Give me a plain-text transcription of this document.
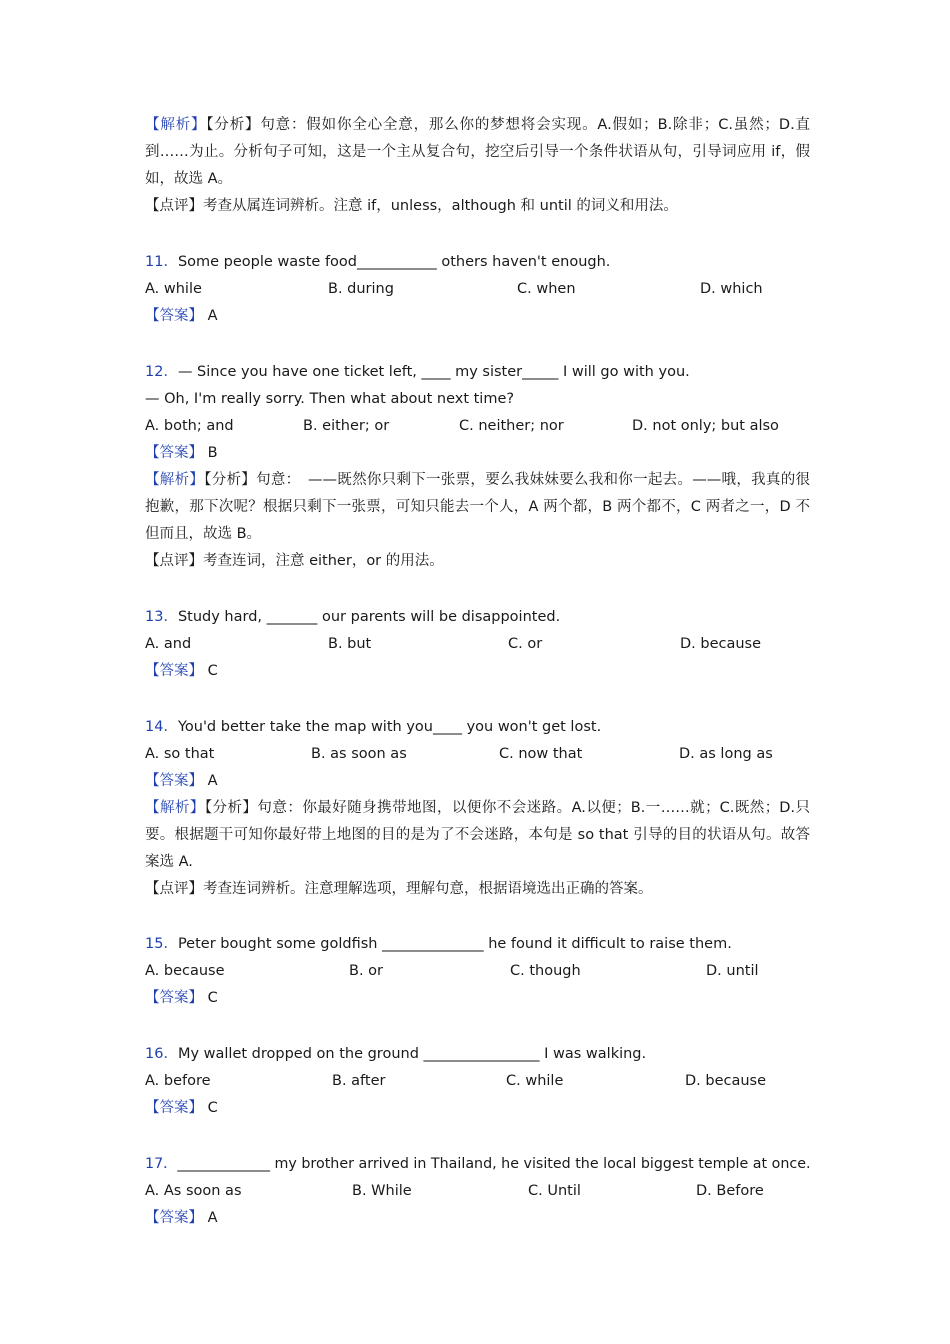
【解析】【分析】句意：假如你全心全意，那么你的梦想将会实现。A.假如；B.除非；C.虽然；D.直到……为止。分析句子可知，这是一个主从复合句，挖空后引导一个条件状语从句，引导词应用 if，假如，故选 A。

【点评】考查从属连词辨析。注意 if，unless，although 和 until 的词义和用法。
11．Some people waste food___________ others haven't enough.
A. while	B. during	C. when	D. which
【答案】 A
12．— Since you have one ticket left, ____ my sister_____ I will go with you.
— Oh, I'm really sorry. Then what about next time?
A. both; and	B. either; or	C. neither; nor	D. not only; but also
【答案】 B

【解析】【分析】句意：　——既然你只剩下一张票，要么我妹妹要么我和你一起去。——哦，我真的很抱歉，那下次呢？根据只剩下一张票，可知只能去一个人，A 两个都，B 两个都不，C 两者之一，D 不但而且，故选 B。

【点评】考查连词，注意 either，or 的用法。
13．Study hard, _______ our parents will be disappointed.
A. and	B. but	C. or	D. because
【答案】 C
14．You'd better take the map with you____ you won't get lost.
A. so that	B. as soon as	C. now that	D. as long as
【答案】 A

【解析】【分析】句意：你最好随身携带地图，以便你不会迷路。A.以便；B.一……就；C.既然；D.只要。根据题干可知你最好带上地图的目的是为了不会迷路，本句是 so that 引导的目的状语从句。故答案选 A.

【点评】考查连词辨析。注意理解选项，理解句意，根据语境选出正确的答案。
15．Peter bought some goldfish ______________ he found it difficult to raise them.
A. because	B. or	C. though	D. until
【答案】 C
16．My wallet dropped on the ground ________________ I was walking.
A. before	B. after	C. while	D. because
【答案】 C
17．_____________ my brother arrived in Thailand, he visited the local biggest temple at once.
A. As soon as	B. While	C. Until	D. Before
【答案】 A
